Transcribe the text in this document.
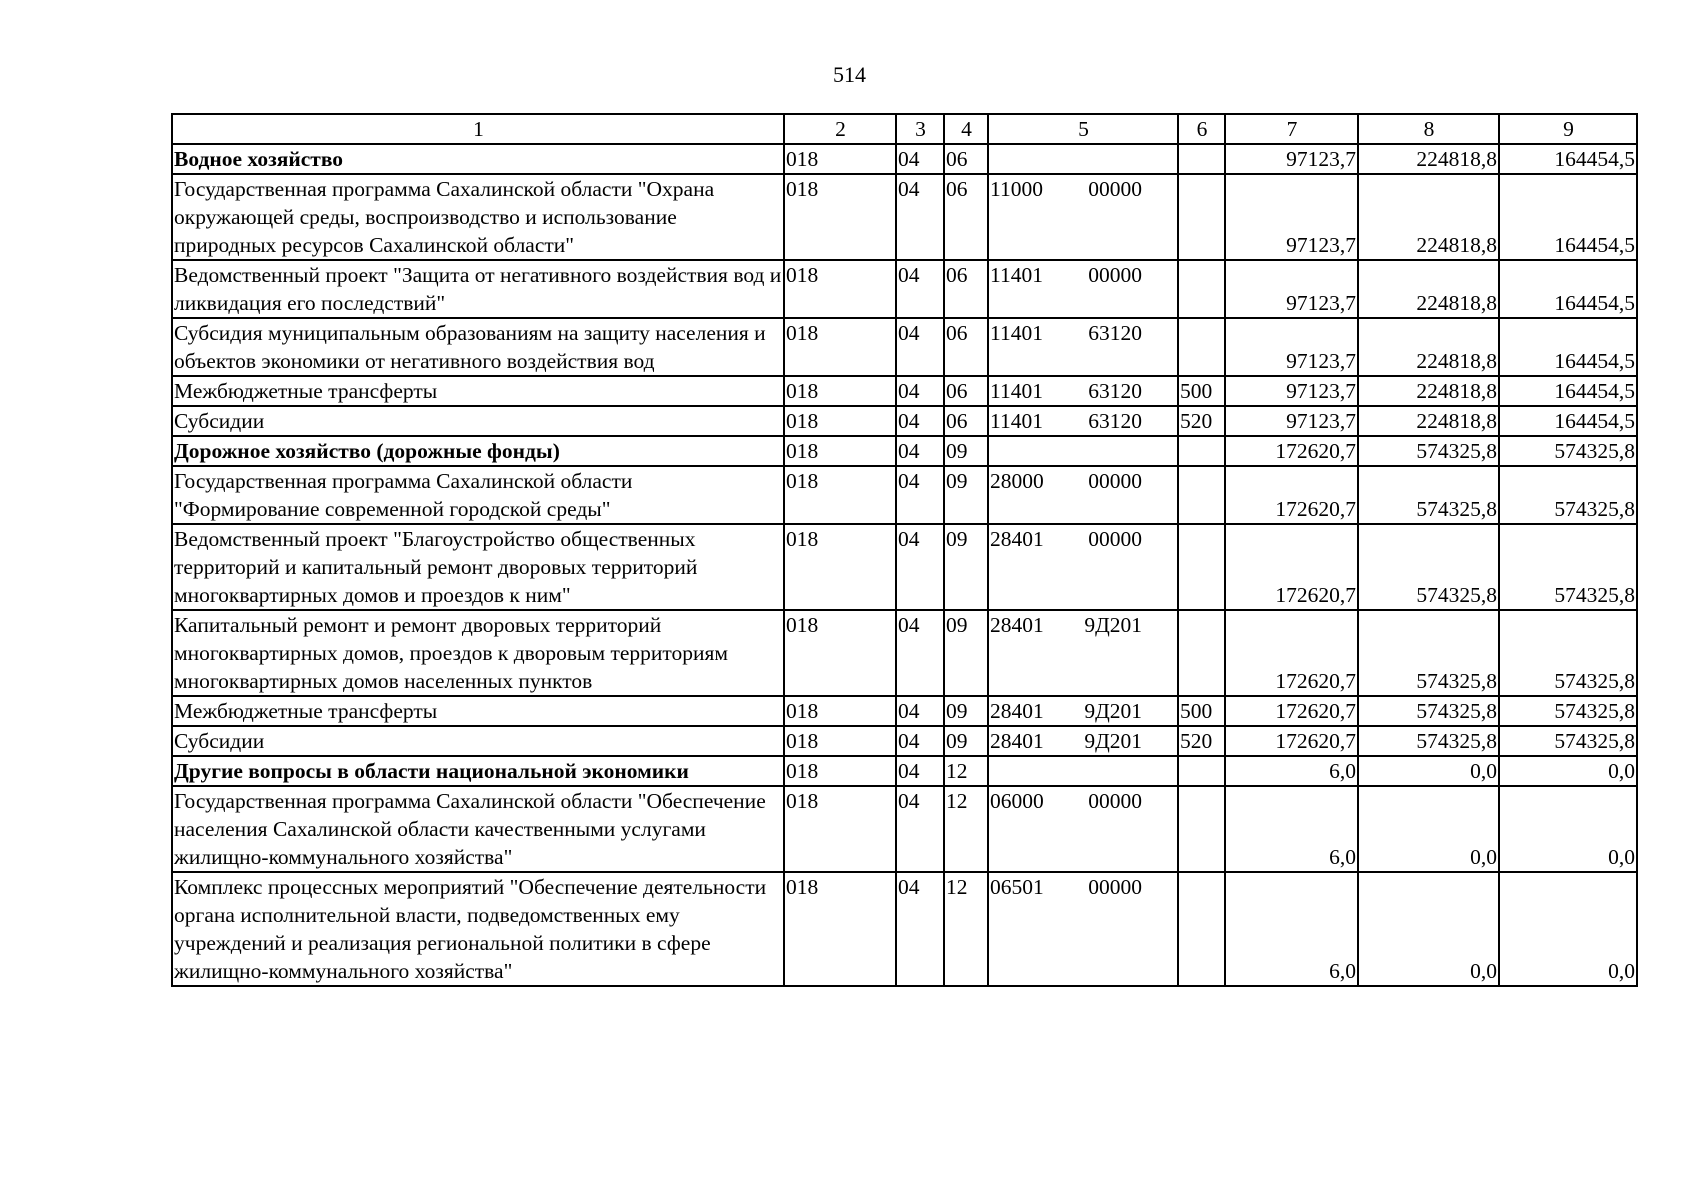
514
1	2	3	4	5	6	7	8	9
Водное хозяйство	018	04	06			97123,7	224818,8	164454,5
Государственная программа Сахалинской области "Охрана окружающей среды, воспроизводство и использование природных ресурсов Сахалинской области"	018	04	06	11000 00000		97123,7	224818,8	164454,5
Ведомственный проект "Защита от негативного воздействия вод и ликвидация его последствий"	018	04	06	11401 00000		97123,7	224818,8	164454,5
Субсидия муниципальным образованиям на защиту населения и объектов экономики от негативного воздействия вод	018	04	06	11401 63120		97123,7	224818,8	164454,5
Межбюджетные трансферты	018	04	06	11401 63120	500	97123,7	224818,8	164454,5
Субсидии	018	04	06	11401 63120	520	97123,7	224818,8	164454,5
Дорожное хозяйство (дорожные фонды)	018	04	09			172620,7	574325,8	574325,8
Государственная программа Сахалинской области "Формирование современной городской среды"	018	04	09	28000 00000		172620,7	574325,8	574325,8
Ведомственный проект "Благоустройство общественных территорий и капитальный ремонт дворовых территорий многоквартирных домов и проездов к ним"	018	04	09	28401 00000		172620,7	574325,8	574325,8
Капитальный ремонт и ремонт дворовых территорий многоквартирных домов, проездов к дворовым территориям многоквартирных домов населенных пунктов	018	04	09	28401 9Д201		172620,7	574325,8	574325,8
Межбюджетные трансферты	018	04	09	28401 9Д201	500	172620,7	574325,8	574325,8
Субсидии	018	04	09	28401 9Д201	520	172620,7	574325,8	574325,8
Другие вопросы в области национальной экономики	018	04	12			6,0	0,0	0,0
Государственная программа Сахалинской области "Обеспечение населения Сахалинской области качественными услугами жилищно-коммунального хозяйства"	018	04	12	06000 00000		6,0	0,0	0,0
Комплекс процессных мероприятий "Обеспечение деятельности органа исполнительной власти, подведомственных ему учреждений и реализация региональной политики в сфере жилищно-коммунального хозяйства"	018	04	12	06501 00000		6,0	0,0	0,0
